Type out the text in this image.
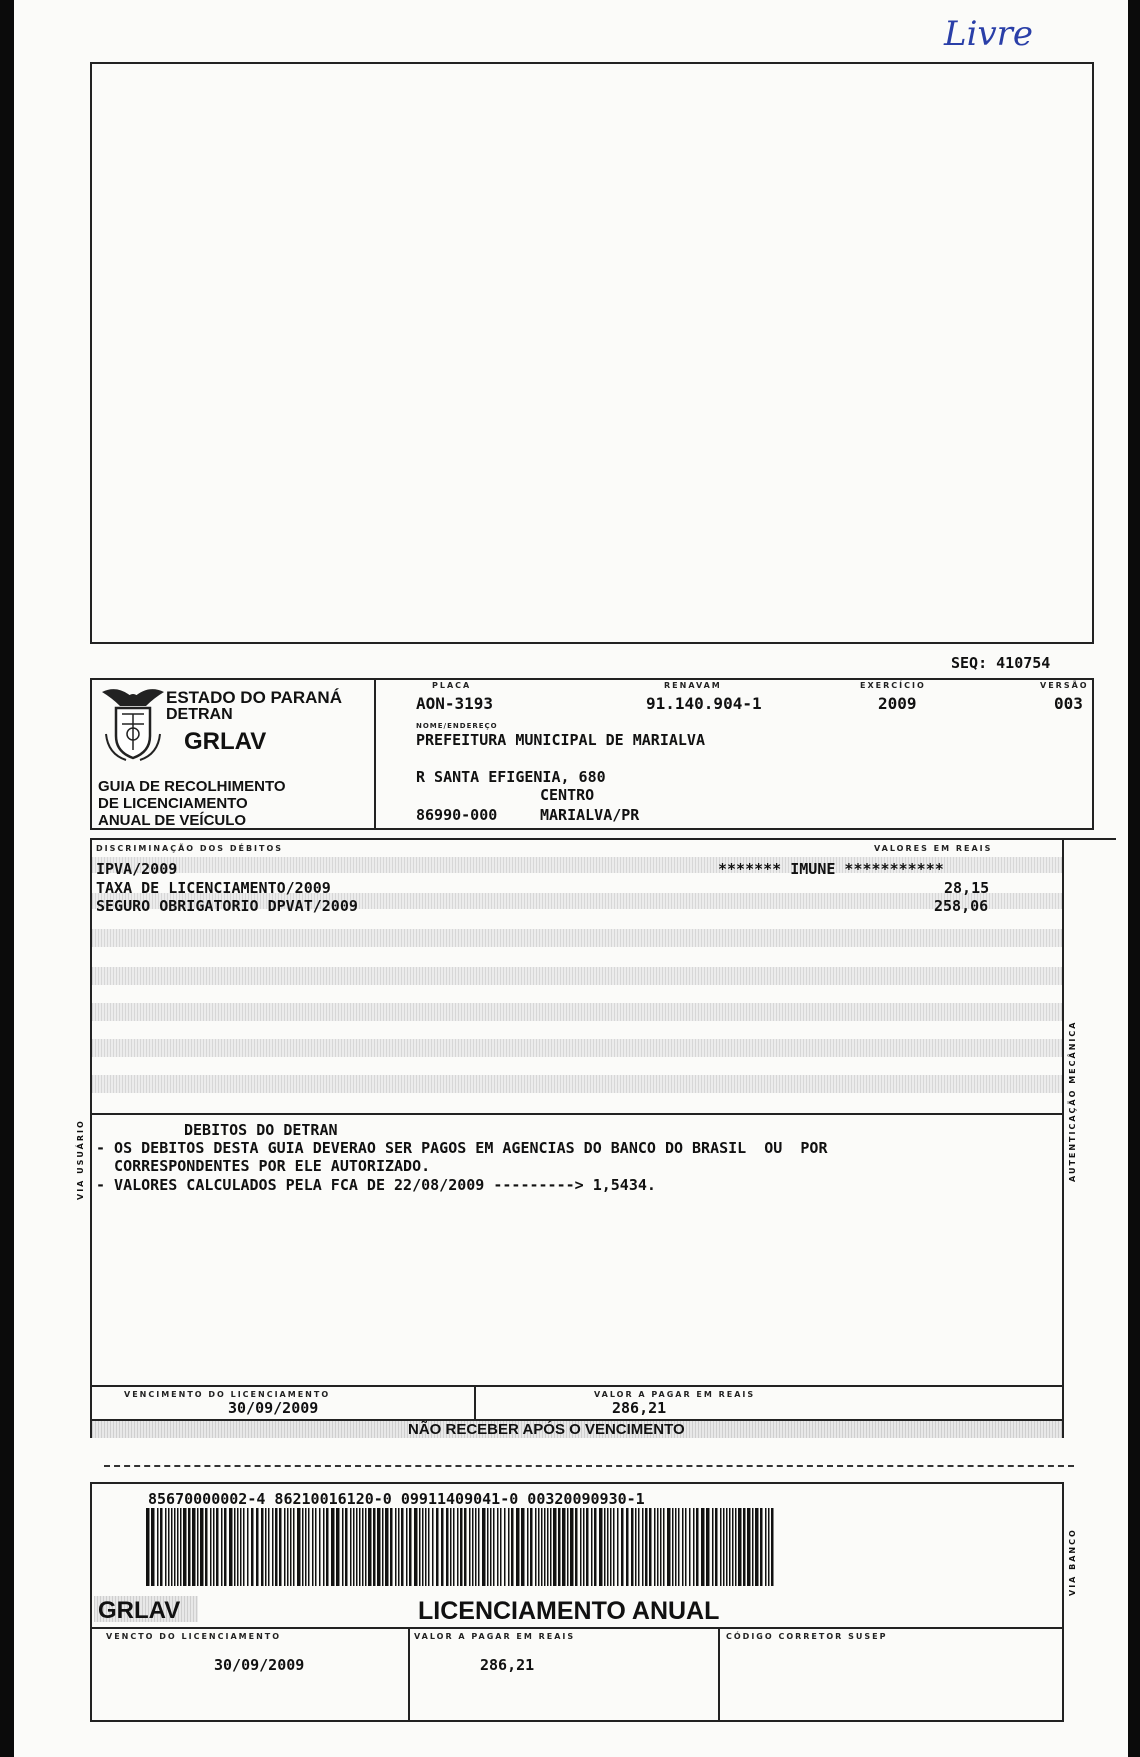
Livre
SEQ: 410754
ESTADO DO PARANÁ
DETRAN
GRLAV
GUIA DE RECOLHIMENTO
DE LICENCIAMENTO
ANUAL DE VEÍCULO
PLACA
AON-3193
RENAVAM
91.140.904-1
EXERCÍCIO
2009
VERSÃO
003
NOME/ENDEREÇO
PREFEITURA MUNICIPAL DE MARIALVA
R SANTA EFIGENIA, 680
CENTRO
86990-000	MARIALVA/PR
DISCRIMINAÇÃO DOS DÉBITOS	VALORES EM REAIS
IPVA/2009	******* IMUNE ***********
TAXA DE LICENCIAMENTO/2009	28,15
SEGURO OBRIGATORIO DPVAT/2009	258,06
DEBITOS DO DETRAN
- OS DEBITOS DESTA GUIA DEVERAO SER PAGOS EM AGENCIAS DO BANCO DO BRASIL  OU  POR
CORRESPONDENTES POR ELE AUTORIZADO.
- VALORES CALCULADOS PELA FCA DE 22/08/2009 ---------> 1,5434.
VIA USUÁRIO	AUTENTICAÇÃO MECÂNICA
VENCIMENTO DO LICENCIAMENTO
30/09/2009
VALOR A PAGAR EM REAIS
286,21
NÃO RECEBER APÓS O VENCIMENTO
85670000002-4 86210016120-0 09911409041-0 00320090930-1
GRLAV	LICENCIAMENTO ANUAL
VENCTO DO LICENCIAMENTO
30/09/2009
VALOR A PAGAR EM REAIS
286,21
CÓDIGO CORRETOR SUSEP
VIA BANCO
